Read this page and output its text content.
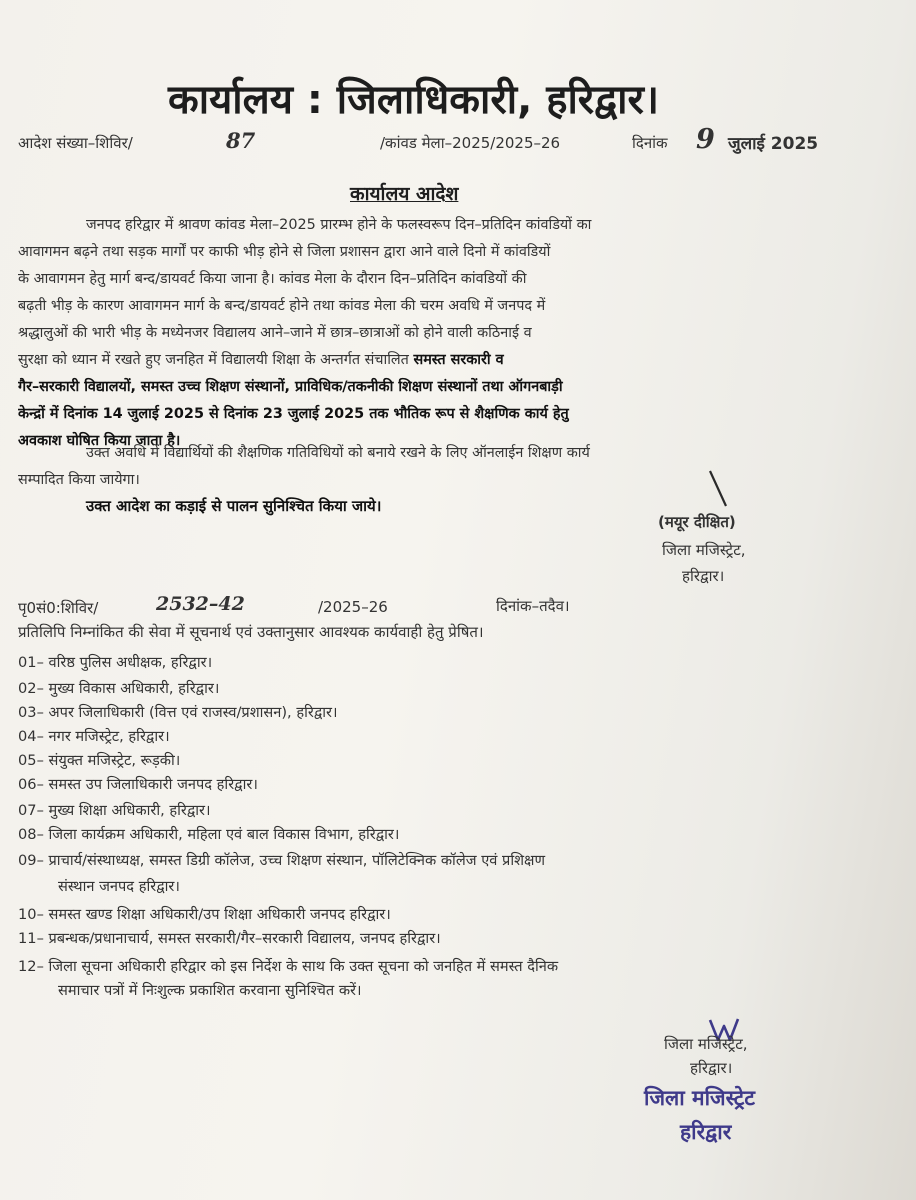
कार्यालय : जिलाधिकारी, हरिद्वार।
आदेश संख्या–शिविर/	87	/कांवड मेला–2025/2025–26	दिनांक 9 जुलाई 2025
कार्यालय आदेश
जनपद हरिद्वार में श्रावण कांवड मेला–2025 प्रारम्भ होने के फलस्वरूप दिन–प्रतिदिन कांवडियों का
आवागमन बढ़ने तथा सड़क मार्गों पर काफी भीड़ होने से जिला प्रशासन द्वारा आने वाले दिनो में कांवडियों
के आवागमन हेतु मार्ग बन्द/डायवर्ट किया जाना है। कांवड मेला के दौरान दिन–प्रतिदिन कांवडियों की
बढ़ती भीड़ के कारण आवागमन मार्ग के बन्द/डायवर्ट होने तथा कांवड मेला की चरम अवधि में जनपद में
श्रद्धालुओं की भारी भीड़ के मध्येनजर विद्यालय आने–जाने में छात्र–छात्राओं को होने वाली कठिनाई व
सुरक्षा को ध्यान में रखते हुए जनहित में विद्यालयी शिक्षा के अन्तर्गत संचालित समस्त सरकारी व
गैर–सरकारी विद्यालयों, समस्त उच्च शिक्षण संस्थानों, प्राविधिक/तकनीकी शिक्षण संस्थानों तथा ऑगनबाड़ी
केन्द्रों में दिनांक 14 जुलाई 2025 से दिनांक 23 जुलाई 2025 तक भौतिक रूप से शैक्षणिक कार्य हेतु
अवकाश घोषित किया जाता है।
उक्त अवधि में विद्यार्थियों की शैक्षणिक गतिविधियों को बनाये रखने के लिए ऑनलाईन शिक्षण कार्य
सम्पादित किया जायेगा।
उक्त आदेश का कड़ाई से पालन सुनिश्चित किया जाये।
(मयूर दीक्षित)
जिला मजिस्ट्रेट,
हरिद्वार।
पृ0सं0:शिविर/	2532–42	/2025–26	दिनांक–तदैव।
प्रतिलिपि निम्नांकित की सेवा में सूचनार्थ एवं उक्तानुसार आवश्यक कार्यवाही हेतु प्रेषित।
01– वरिष्ठ पुलिस अधीक्षक, हरिद्वार।
02– मुख्य विकास अधिकारी, हरिद्वार।
03– अपर जिलाधिकारी (वित्त एवं राजस्व/प्रशासन), हरिद्वार।
04– नगर मजिस्ट्रेट, हरिद्वार।
05– संयुक्त मजिस्ट्रेट, रूड़की।
06– समस्त उप जिलाधिकारी जनपद हरिद्वार।
07– मुख्य शिक्षा अधिकारी, हरिद्वार।
08– जिला कार्यक्रम अधिकारी, महिला एवं बाल विकास विभाग, हरिद्वार।
09– प्राचार्य/संस्थाध्यक्ष, समस्त डिग्री कॉलेज, उच्च शिक्षण संस्थान, पॉलिटेक्निक कॉलेज एवं प्रशिक्षण
संस्थान जनपद हरिद्वार।
10– समस्त खण्ड शिक्षा अधिकारी/उप शिक्षा अधिकारी जनपद हरिद्वार।
11– प्रबन्धक/प्रधानाचार्य, समस्त सरकारी/गैर–सरकारी विद्यालय, जनपद हरिद्वार।
12– जिला सूचना अधिकारी हरिद्वार को इस निर्देश के साथ कि उक्त सूचना को जनहित में समस्त दैनिक
समाचार पत्रों में निःशुल्क प्रकाशित करवाना सुनिश्चित करें।
जिला मजिस्ट्रेट,
हरिद्वार।
जिला मजिस्ट्रेट
हरिद्वार
